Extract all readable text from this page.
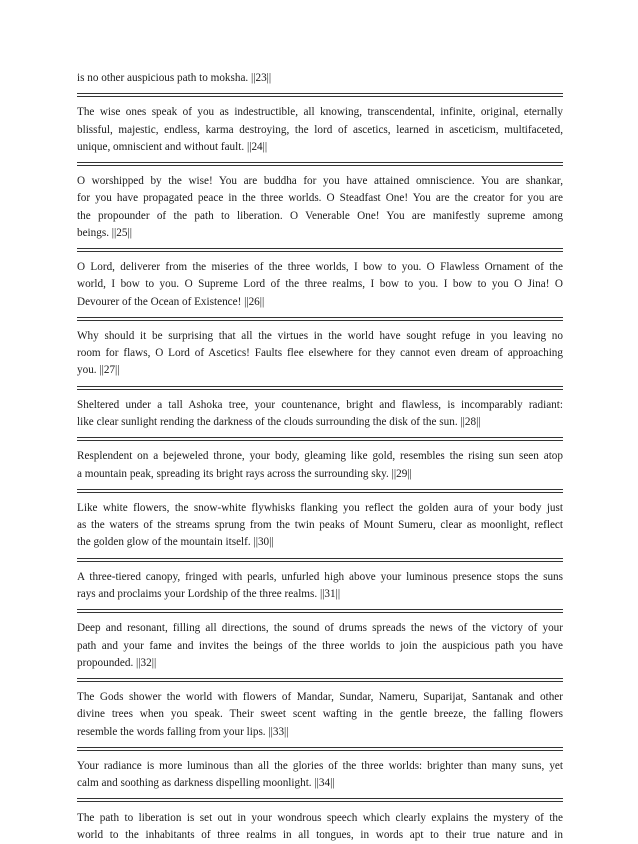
is no other auspicious path to moksha. ||23||
The wise ones speak of you as indestructible, all knowing, transcendental, infinite, original, eternally
blissful, majestic, endless, karma destroying, the lord of ascetics, learned in asceticism, multifaceted,
unique, omniscient and without fault. ||24||
O worshipped by the wise! You are buddha for you have attained omniscience. You are shankar,
for you have propagated peace in the three worlds. O Steadfast One! You are the creator for you are
the propounder of the path to liberation. O Venerable One! You are manifestly supreme among
beings. ||25||
O Lord, deliverer from the miseries of the three worlds, I bow to you. O Flawless Ornament of the
world, I bow to you. O Supreme Lord of the three realms, I bow to you. I bow to you O Jina! O
Devourer of the Ocean of Existence! ||26||
Why should it be surprising that all the virtues in the world have sought refuge in you leaving no
room for flaws, O Lord of Ascetics! Faults flee elsewhere for they cannot even dream of approaching
you. ||27||
Sheltered under a tall Ashoka tree, your countenance, bright and flawless, is incomparably radiant:
like clear sunlight rending the darkness of the clouds surrounding the disk of the sun. ||28||
Resplendent on a bejeweled throne, your body, gleaming like gold, resembles the rising sun seen atop
a mountain peak, spreading its bright rays across the surrounding sky. ||29||
Like white flowers, the snow-white flywhisks flanking you reflect the golden aura of your body just
as the waters of the streams sprung from the twin peaks of Mount Sumeru, clear as moonlight, reflect
the golden glow of the mountain itself. ||30||
A three-tiered canopy, fringed with pearls, unfurled high above your luminous presence stops the suns
rays and proclaims your Lordship of the three realms. ||31||
Deep and resonant, filling all directions, the sound of drums spreads the news of the victory of your
path and your fame and invites the beings of the three worlds to join the auspicious path you have
propounded. ||32||
The Gods shower the world with flowers of Mandar, Sundar, Nameru, Suparijat, Santanak and other
divine trees when you speak. Their sweet scent wafting in the gentle breeze, the falling flowers
resemble the words falling from your lips. ||33||
Your radiance is more luminous than all the glories of the three worlds: brighter than many suns, yet
calm and soothing as darkness dispelling moonlight. ||34||
The path to liberation is set out in your wondrous speech which clearly explains the mystery of the
world to the inhabitants of three realms in all tongues, in words apt to their true nature and in
